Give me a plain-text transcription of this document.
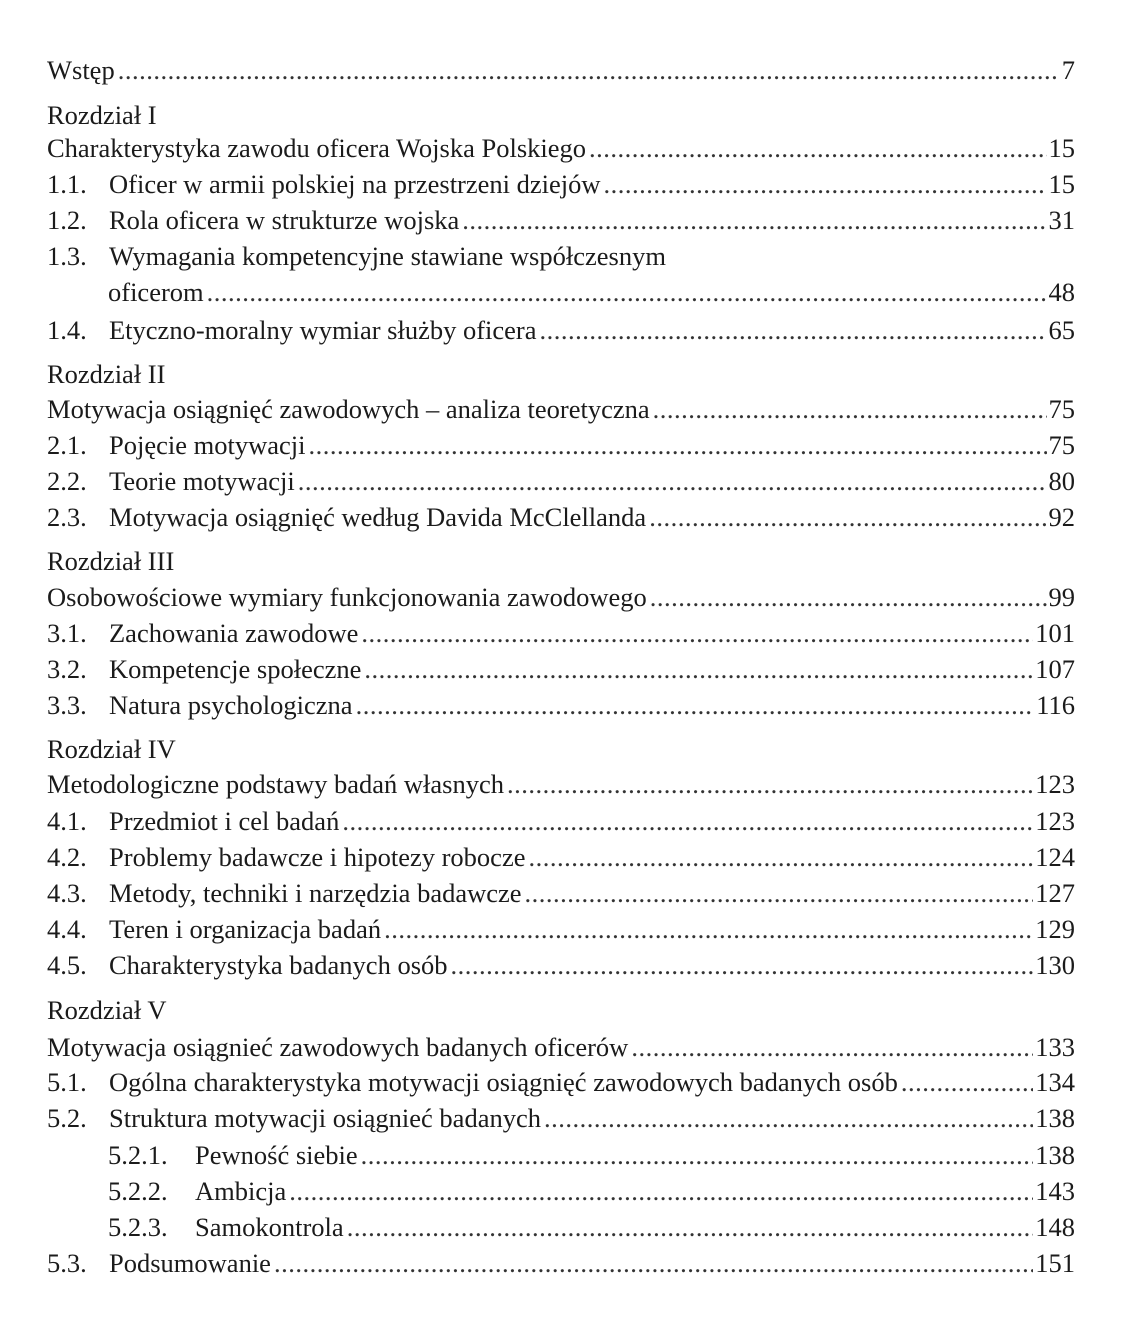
Wstęp .....	7
Rozdział I
Charakterystyka zawodu oficera Wojska Polskiego .....	15
1.1. Oficer w armii polskiej na przestrzeni dziejów .....	15
1.2. Rola oficera w strukturze wojska .....	31
1.3. Wymagania kompetencyjne stawiane współczesnym
oficerom .....	48
1.4. Etyczno-moralny wymiar służby oficera .....	65
Rozdział II
Motywacja osiągnięć zawodowych – analiza teoretyczna .....	75
2.1. Pojęcie motywacji .....	75
2.2. Teorie motywacji .....	80
2.3. Motywacja osiągnięć według Davida McClellanda .....	92
Rozdział III
Osobowościowe wymiary funkcjonowania zawodowego .....	99
3.1. Zachowania zawodowe .....	101
3.2. Kompetencje społeczne .....	107
3.3. Natura psychologiczna .....	116
Rozdział IV
Metodologiczne podstawy badań własnych .....	123
4.1. Przedmiot i cel badań .....	123
4.2. Problemy badawcze i hipotezy robocze .....	124
4.3. Metody, techniki i narzędzia badawcze .....	127
4.4. Teren i organizacja badań .....	129
4.5. Charakterystyka badanych osób .....	130
Rozdział V
Motywacja osiągnieć zawodowych badanych oficerów .....	133
5.1. Ogólna charakterystyka motywacji osiągnięć zawodowych badanych osób .....	134
5.2. Struktura motywacji osiągnieć badanych .....	138
5.2.1.	Pewność siebie .....	138
5.2.2.	Ambicja .....	143
5.2.3.	Samokontrola .....	148
5.3. Podsumowanie .....	151
